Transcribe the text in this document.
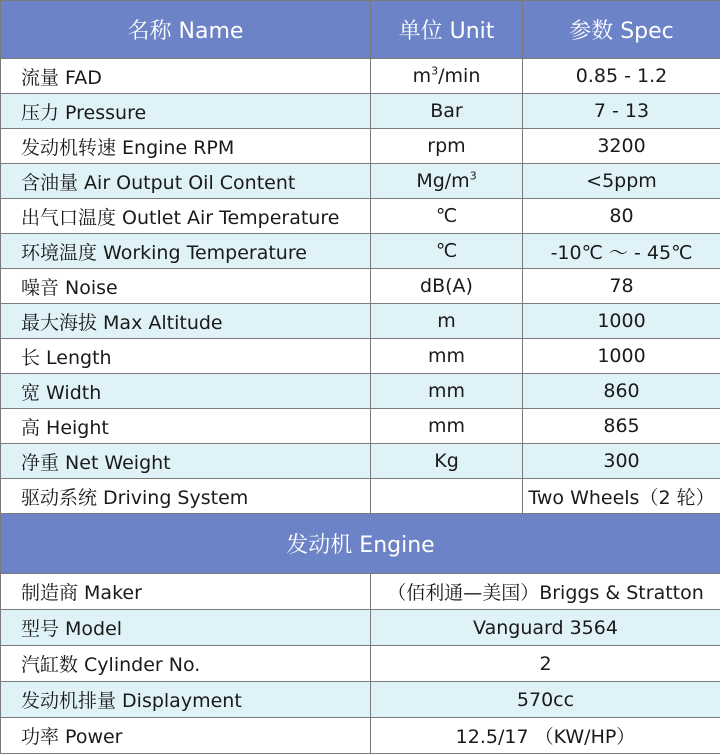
名称 Name	单位 Unit	参数 Spec
流量 FAD	$m^3/\min$	0.85 - 1.2
压力 Pressure	Bar	7 - 13
发动机转速 Engine RPM	rpm	3200
含油量 Air Output Oil Content	$Mg/m^3$	<5ppm
出气口温度 Outlet Air Temperature	℃	80
环境温度 Working Temperature	℃	-10℃ ～ - 45℃
噪音 Noise	dB(A)	78
最大海拔 Max Altitude	m	1000
长 Length	mm	1000
宽 Width	mm	860
高 Height	mm	865
净重 Net Weight	Kg	300
驱动系统 Driving System		Two Wheels（2 轮）
发动机 Engine		
制造商 Maker	（佰利通—美国）Briggs & Stratton	
型号 Model	Vanguard 3564	
汽缸数 Cylinder No.	2	
发动机排量 Displayment	570cc	
功率 Power	12.5/17 （KW/HP）	
